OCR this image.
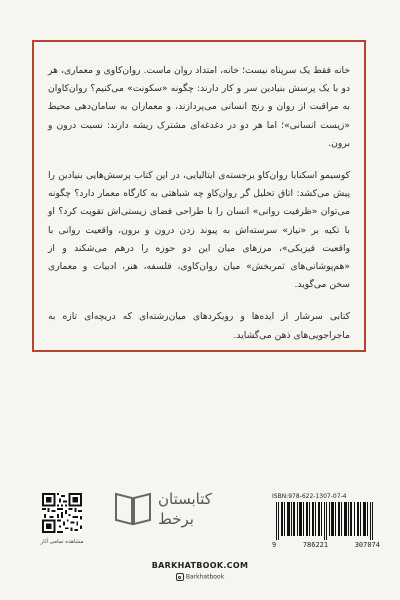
خانه فقط یک سرپناه نیست؛ خانه، امتداد روان ماست. روان‌کاوی و معماری، هر دو با یک پرسش بنیادین سر و کار دارند: چگونه «سکونت» می‌کنیم؟ روان‌کاوان به مراقبت از روان و رنج انسانی می‌پردازند، و معماران به سامان‌دهی محیط «زیست انسانی»؛ اما هر دو در دغدغه‌ای مشترک ریشه دارند: نسبت درون و برون.

کوسیمو اسکنابا روان‌کاو برجسته‌ی ایتالیایی، در این کتاب پرسش‌هایی بنیادین را پیش می‌کشد: اتاق تحلیل گر روان‌کاو چه شباهتی به کارگاه معمار دارد؟ چگونه می‌توان «ظرفیت روانی» انسان را با طراحی فضای زیستی‌اش تقویت کرد؟ او با تکیه بر «نیاز» سرسته‌اش به پیوند زدن درون و برون، واقعیت روانی با واقعیت فیزیکی»، مرزهای میان این دو حوزه را درهم می‌شکند و از «هم‌پوشانی‌های ثمربخش» میان روان‌کاوی، فلسفه، هنر، ادبیات و معماری سخن می‌گوید.

کتابی سرشار از ایده‌ها و رویکردهای میان‌رشته‌ای که دریچه‌ای تازه به ماجراجویی‌های ذهن می‌گشاید.

مشاهده تمامی آثار
کتابستان
برخط
ISBN:978-622-1307-07-4
9	786221	307074
BARKHATBOOK.COM
Barkhatbook
